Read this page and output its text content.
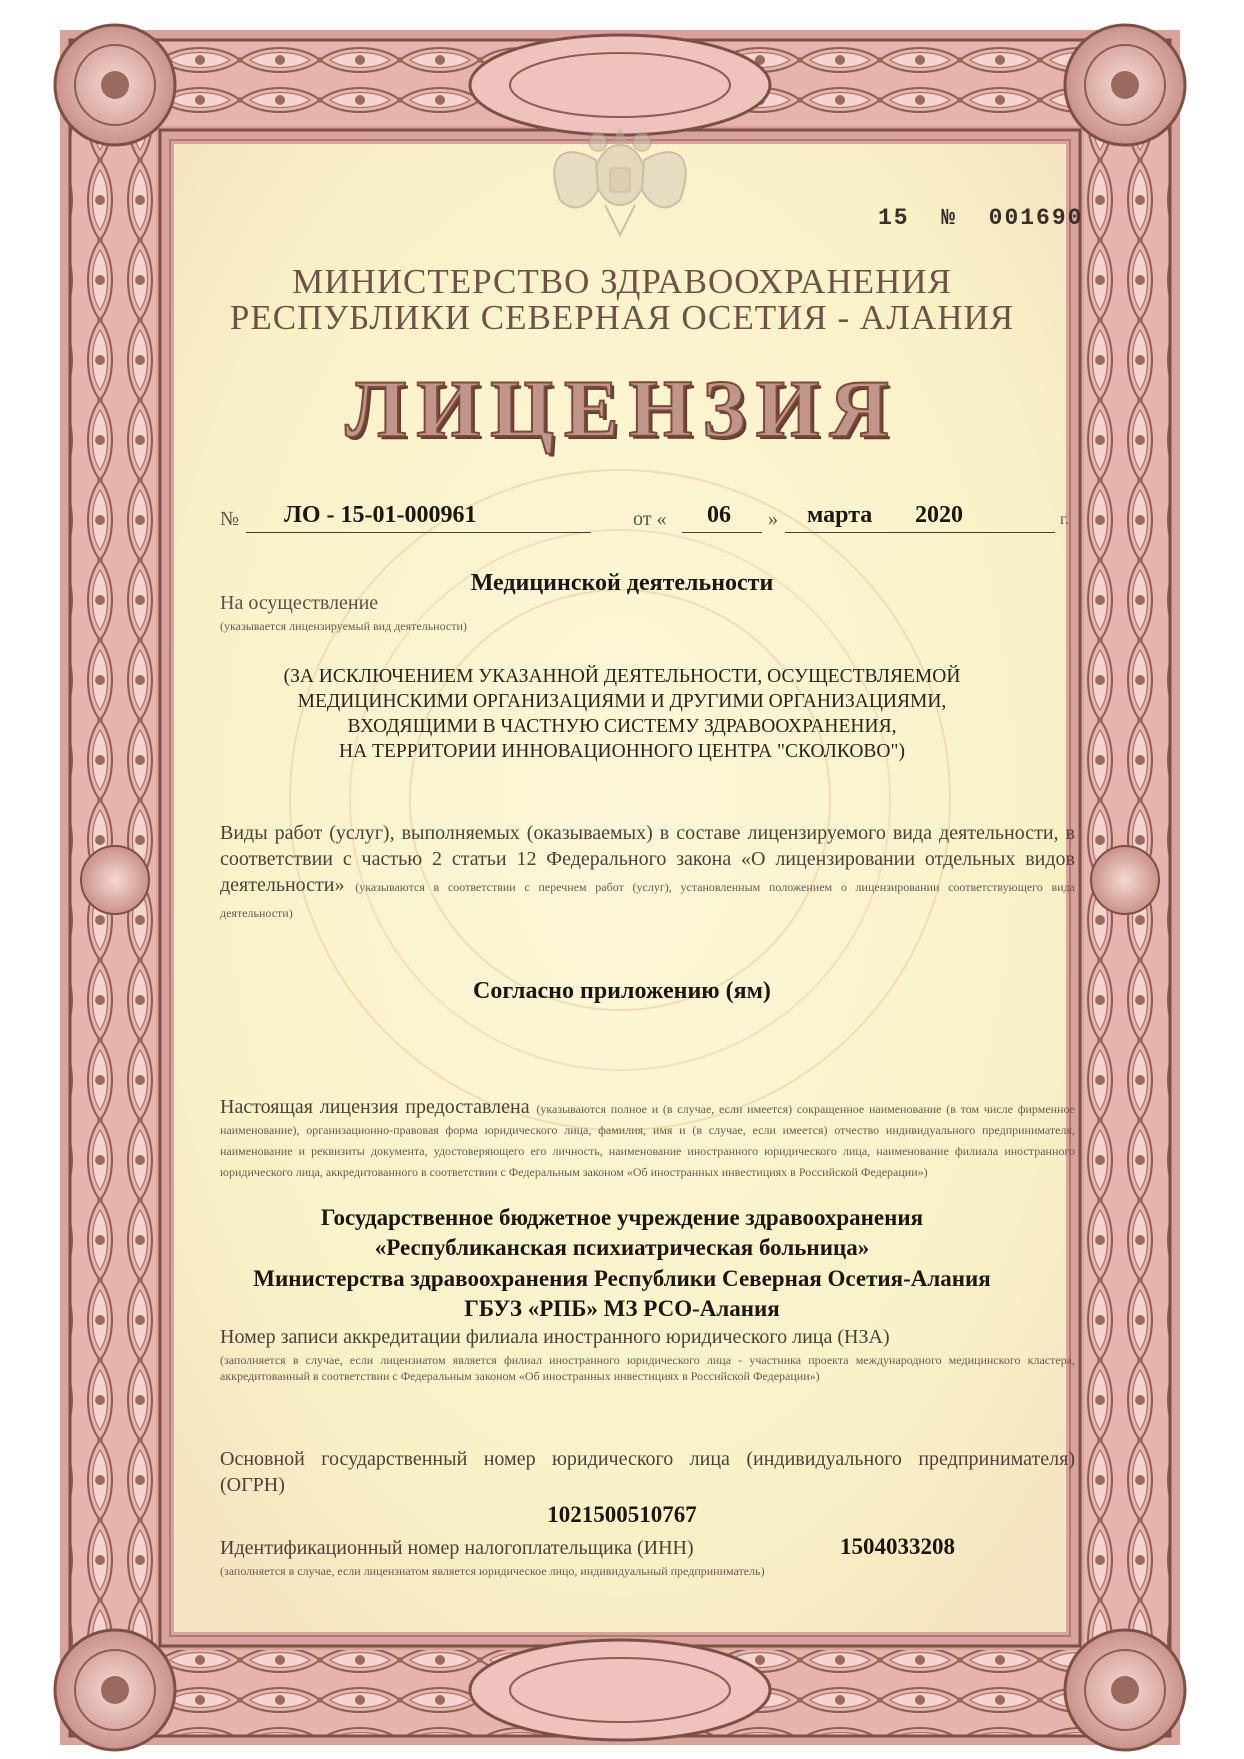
15 № 001690
МИНИСТЕРСТВО ЗДРАВООХРАНЕНИЯ
РЕСПУБЛИКИ СЕВЕРНАЯ ОСЕТИЯ - АЛАНИЯ
ЛИЦЕНЗИЯ
№ ЛО - 15-01-000961	от « 06 » марта 2020	г.
Медицинской деятельности
На осуществление
(указывается лицензируемый вид деятельности)
(ЗА ИСКЛЮЧЕНИЕМ УКАЗАННОЙ ДЕЯТЕЛЬНОСТИ, ОСУЩЕСТВЛЯЕМОЙ
МЕДИЦИНСКИМИ ОРГАНИЗАЦИЯМИ И ДРУГИМИ ОРГАНИЗАЦИЯМИ,
ВХОДЯЩИМИ В ЧАСТНУЮ СИСТЕМУ ЗДРАВООХРАНЕНИЯ,
НА ТЕРРИТОРИИ ИННОВАЦИОННОГО ЦЕНТРА "СКОЛКОВО")
Виды работ (услуг), выполняемых (оказываемых) в составе лицензируемого вида деятельности, в соответствии с частью 2 статьи 12 Федерального закона «О лицензировании отдельных видов деятельности» (указываются в соответствии с перечнем работ (услуг), установленным положением о лицензировании соответствующего вида деятельности)
Согласно приложению (ям)
Настоящая лицензия предоставлена (указываются полное и (в случае, если имеется) сокращенное наименование (в том числе фирменное наименование), организационно-правовая форма юридического лица, фамилия, имя и (в случае, если имеется) отчество индивидуального предпринимателя, наименование и реквизиты документа, удостоверяющего его личность, наименование иностранного юридического лица, наименование филиала иностранного юридического лица, аккредитованного в соответствии с Федеральным законом «Об иностранных инвестициях в Российской Федерации»)
Государственное бюджетное учреждение здравоохранения
«Республиканская психиатрическая больница»
Министерства здравоохранения Республики Северная Осетия-Алания
ГБУЗ «РПБ» МЗ РСО-Алания
Номер записи аккредитации филиала иностранного юридического лица (НЗА)
(заполняется в случае, если лицензиатом является филиал иностранного юридического лица - участника проекта международного медицинского кластера, аккредитованный в соответствии с Федеральным законом «Об иностранных инвестициях в Российской Федерации»)
Основной государственный номер юридического лица (индивидуального предпринимателя) (ОГРН)
1021500510767
Идентификационный номер налогоплательщика (ИНН)	1504033208
(заполняется в случае, если лицензиатом является юридическое лицо, индивидуальный предприниматель)
